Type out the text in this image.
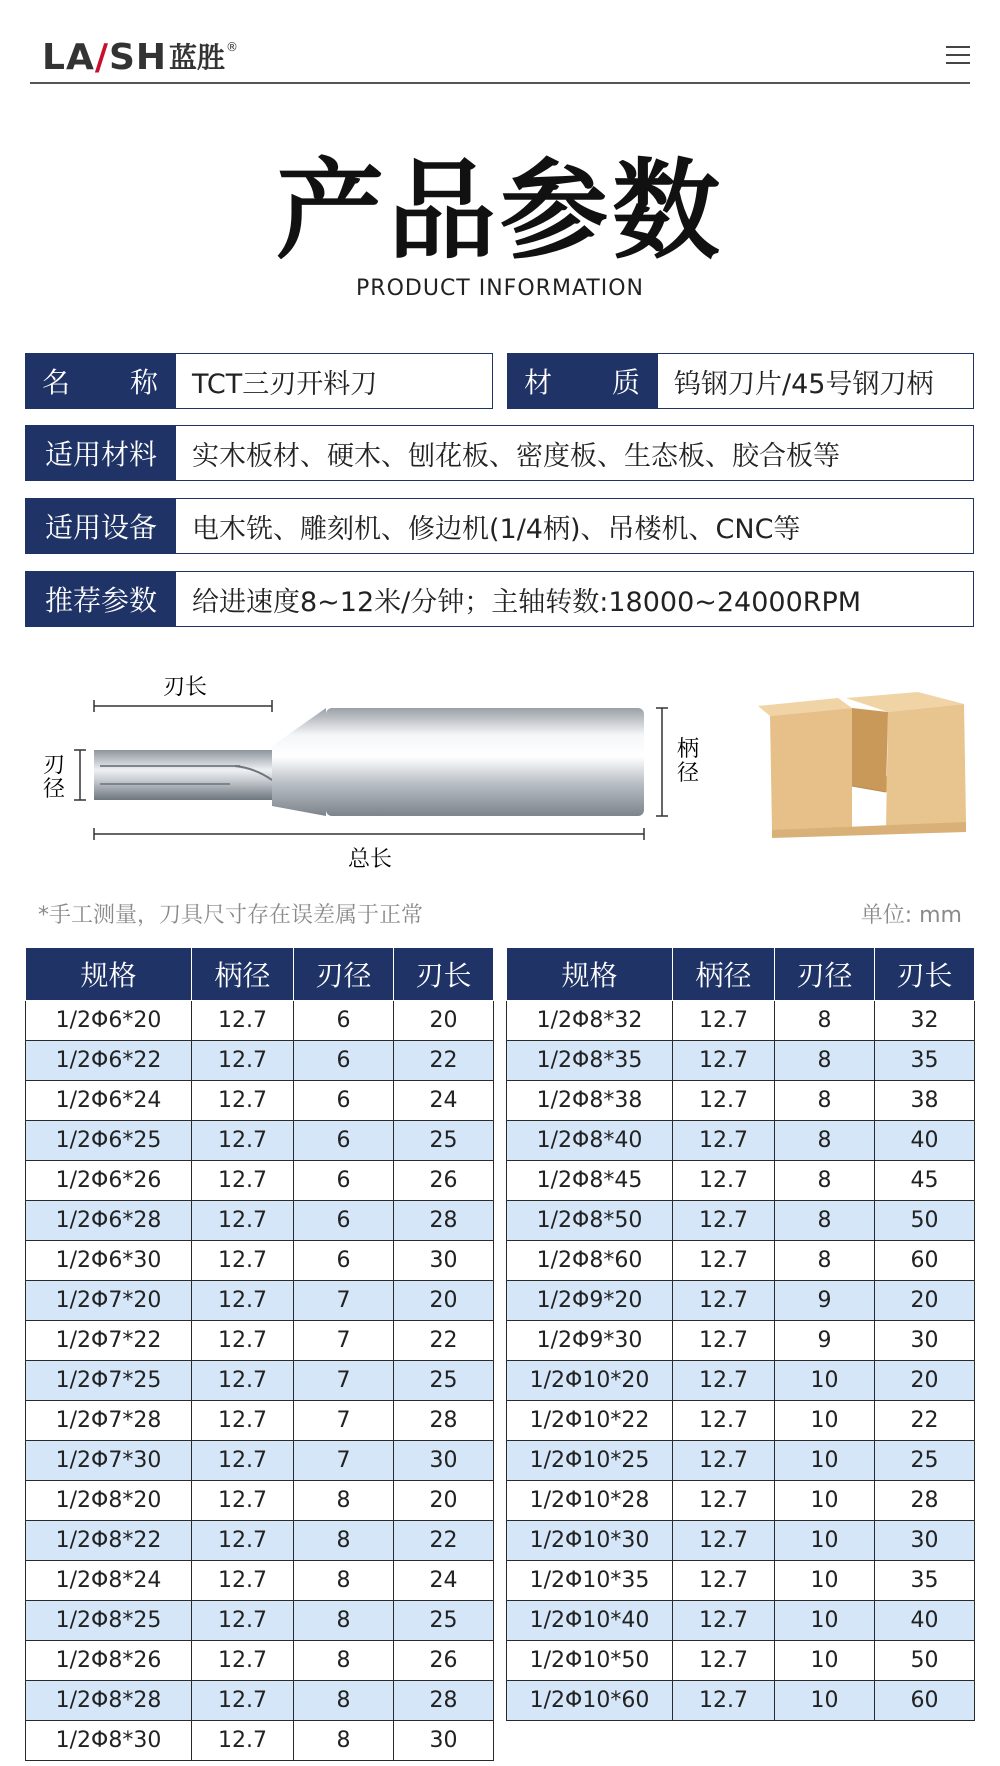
LA/SH 蓝胜 ®
产品参数
PRODUCT INFORMATION
名 称	TCT三刃开料刀	材 质	钨钢刀片/45号钢刀柄
适用材料	实木板材、硬木、刨花板、密度板、生态板、胶合板等
适用设备	电木铣、雕刻机、修边机(1/4柄)、吊楼机、CNC等
推荐参数	给进速度8~12米/分钟；主轴转数:18000~24000RPM
刃长
刃
径
柄
径
总长
*手工测量，刀具尺寸存在误差属于正常	单位: mm
规格	柄径	刃径	刃长
1/2Φ6*20	12.7	6	20
1/2Φ6*22	12.7	6	22
1/2Φ6*24	12.7	6	24
1/2Φ6*25	12.7	6	25
1/2Φ6*26	12.7	6	26
1/2Φ6*28	12.7	6	28
1/2Φ6*30	12.7	6	30
1/2Φ7*20	12.7	7	20
1/2Φ7*22	12.7	7	22
1/2Φ7*25	12.7	7	25
1/2Φ7*28	12.7	7	28
1/2Φ7*30	12.7	7	30
1/2Φ8*20	12.7	8	20
1/2Φ8*22	12.7	8	22
1/2Φ8*24	12.7	8	24
1/2Φ8*25	12.7	8	25
1/2Φ8*26	12.7	8	26
1/2Φ8*28	12.7	8	28
1/2Φ8*30	12.7	8	30
规格	柄径	刃径	刃长
1/2Φ8*32	12.7	8	32
1/2Φ8*35	12.7	8	35
1/2Φ8*38	12.7	8	38
1/2Φ8*40	12.7	8	40
1/2Φ8*45	12.7	8	45
1/2Φ8*50	12.7	8	50
1/2Φ8*60	12.7	8	60
1/2Φ9*20	12.7	9	20
1/2Φ9*30	12.7	9	30
1/2Φ10*20	12.7	10	20
1/2Φ10*22	12.7	10	22
1/2Φ10*25	12.7	10	25
1/2Φ10*28	12.7	10	28
1/2Φ10*30	12.7	10	30
1/2Φ10*35	12.7	10	35
1/2Φ10*40	12.7	10	40
1/2Φ10*50	12.7	10	50
1/2Φ10*60	12.7	10	60
